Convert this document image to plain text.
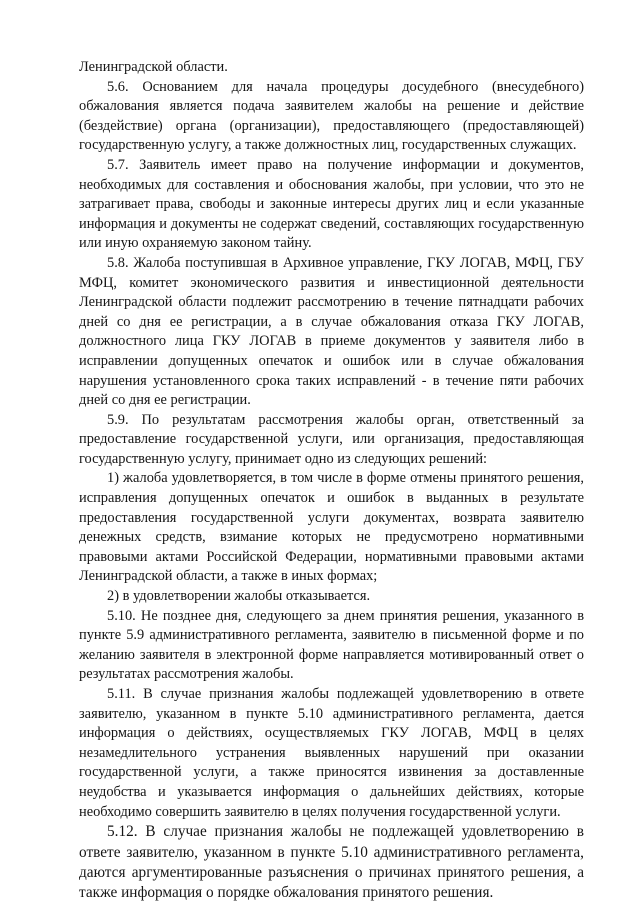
Ленинградской области.

5.6. Основанием для начала процедуры досудебного (внесудебного) обжалования является подача заявителем жалобы на решение и действие (бездействие) органа (организации), предоставляющего (предоставляющей) государственную услугу, а также должностных лиц, государственных служащих.

5.7. Заявитель имеет право на получение информации и документов, необходимых для составления и обоснования жалобы, при условии, что это не затрагивает права, свободы и законные интересы других лиц и если указанные информация и документы не содержат сведений, составляющих государственную или иную охраняемую законом тайну.

5.8. Жалоба поступившая в Архивное управление, ГКУ ЛОГАВ, МФЦ, ГБУ МФЦ, комитет экономического развития и инвестиционной деятельности Ленинградской области подлежит рассмотрению в течение пятнадцати рабочих дней со дня ее регистрации, а в случае обжалования отказа ГКУ ЛОГАВ, должностного лица ГКУ ЛОГАВ в приеме документов у заявителя либо в исправлении допущенных опечаток и ошибок или в случае обжалования нарушения установленного срока таких исправлений - в течение пяти рабочих дней со дня ее регистрации.

5.9. По результатам рассмотрения жалобы орган, ответственный за предоставление государственной услуги, или организация, предоставляющая государственную услугу, принимает одно из следующих решений:

1) жалоба удовлетворяется, в том числе в форме отмены принятого решения, исправления допущенных опечаток и ошибок в выданных в результате предоставления государственной услуги документах, возврата заявителю денежных средств, взимание которых не предусмотрено нормативными правовыми актами Российской Федерации, нормативными правовыми актами Ленинградской области, а также в иных формах;

2) в удовлетворении жалобы отказывается.

5.10. Не позднее дня, следующего за днем принятия решения, указанного в пункте 5.9 административного регламента, заявителю в письменной форме и по желанию заявителя в электронной форме направляется мотивированный ответ о результатах рассмотрения жалобы.

5.11. В случае признания жалобы подлежащей удовлетворению в ответе заявителю, указанном в пункте 5.10 административного регламента, дается информация о действиях, осуществляемых ГКУ ЛОГАВ, МФЦ в целях незамедлительного устранения выявленных нарушений при оказании государственной услуги, а также приносятся извинения за доставленные неудобства и указывается информация о дальнейших действиях, которые необходимо совершить заявителю в целях получения государственной услуги.

5.12. В случае признания жалобы не подлежащей удовлетворению в ответе заявителю, указанном в пункте 5.10 административного регламента, даются аргументированные разъяснения о причинах принятого решения, а также информация о порядке обжалования принятого решения.
